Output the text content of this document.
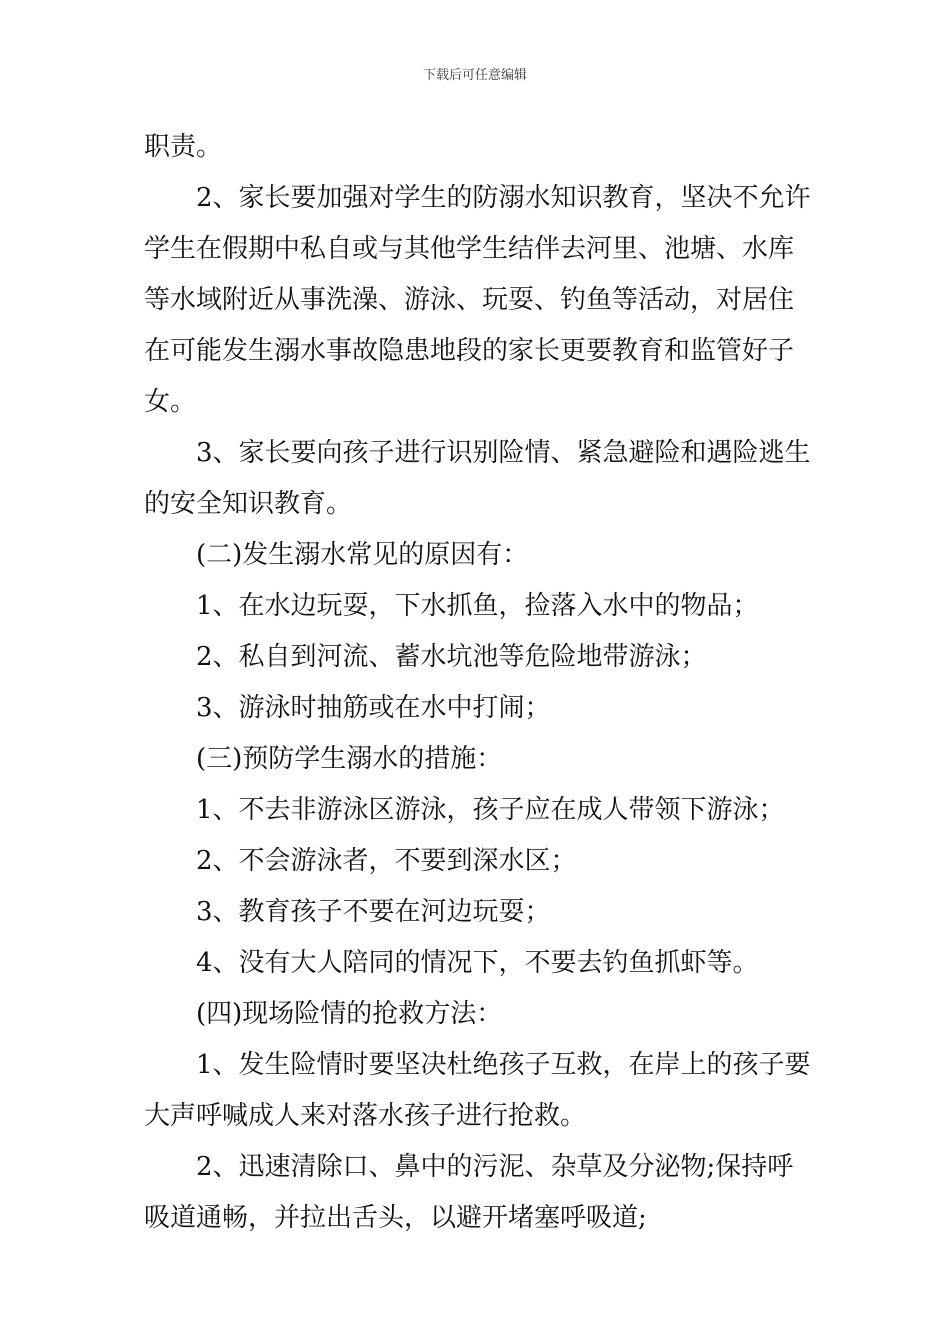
下载后可任意编辑
职责。
2、家长要加强对学生的防溺水知识教育，坚决不允许
学生在假期中私自或与其他学生结伴去河里、池塘、水库
等水域附近从事洗澡、游泳、玩耍、钓鱼等活动，对居住
在可能发生溺水事故隐患地段的家长更要教育和监管好子
女。
3、家长要向孩子进行识别险情、紧急避险和遇险逃生
的安全知识教育。
(二)发生溺水常见的原因有：
1、在水边玩耍，下水抓鱼，捡落入水中的物品；
2、私自到河流、蓄水坑池等危险地带游泳；
3、游泳时抽筋或在水中打闹；
(三)预防学生溺水的措施：
1、不去非游泳区游泳，孩子应在成人带领下游泳；
2、不会游泳者，不要到深水区；
3、教育孩子不要在河边玩耍；
4、没有大人陪同的情况下，不要去钓鱼抓虾等。
(四)现场险情的抢救方法：
1、发生险情时要坚决杜绝孩子互救，在岸上的孩子要
大声呼喊成人来对落水孩子进行抢救。
2、迅速清除口、鼻中的污泥、杂草及分泌物;保持呼
吸道通畅，并拉出舌头，以避开堵塞呼吸道;
